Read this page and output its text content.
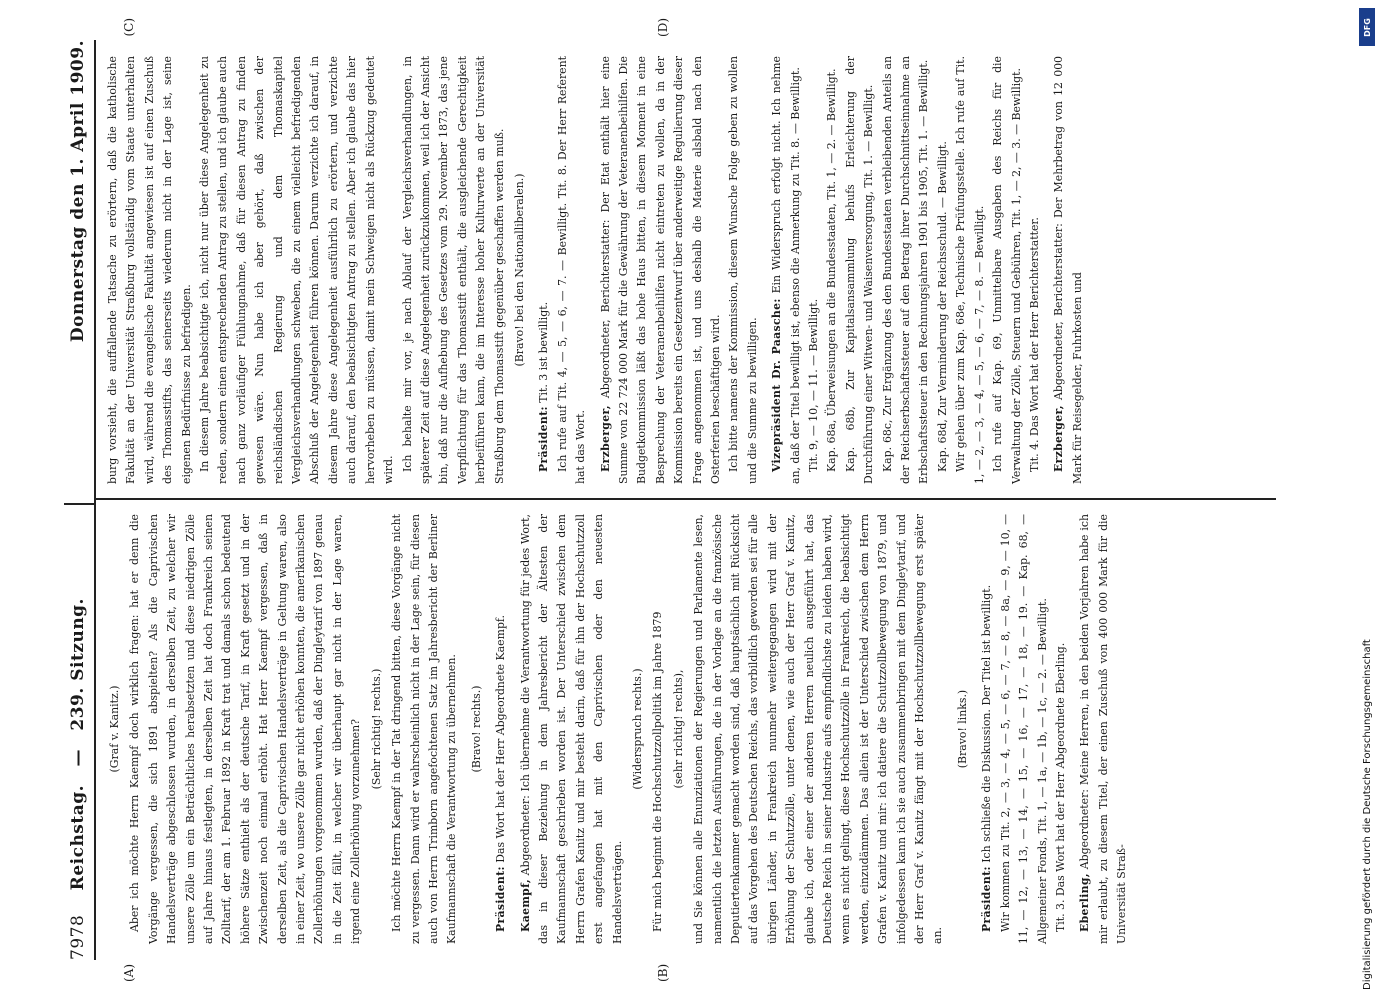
7978 Reichstag. — 239. Sitzung.
Donnerstag den 1. April 1909.
(A)	(B)
(C)	(D)

(Graf v. Kanitz.) Aber ich möchte Herrn Kaempf doch wirklich fragen: hat er denn die Vorgänge vergessen, die sich 1891 abspielten? Als die Caprivischen Handelsverträge abgeschlossen wurden, in derselben Zeit, zu welcher wir unsere Zölle um ein Beträchtliches herabsetzten und diese niedrigen Zölle auf Jahre hinaus festlegten, in derselben Zeit hat doch Frankreich seinen Zolltarif, der am 1. Februar 1892 in Kraft trat und damals schon bedeutend höhere Sätze enthielt als der deutsche Tarif, in Kraft gesetzt und in der Zwischenzeit noch einmal erhöht. Hat Herr Kaempf vergessen, daß in derselben Zeit, als die Caprivischen Handelsverträge in Geltung waren, also in einer Zeit, wo unsere Zölle gar nicht erhöhen konnten, die amerikanischen Zollerhöhungen vorgenommen wurden, daß der Dingleytarif von 1897 genau in die Zeit fällt, in welcher wir überhaupt gar nicht in der Lage waren, irgend eine Zollerhöhung vorzunehmen? (Sehr richtig! rechts.) Ich möchte Herrn Kaempf in der Tat dringend bitten, diese Vorgänge nicht zu vergessen. Dann wird er wahrscheinlich nicht in der Lage sein, für diesen auch von Herrn Trimborn angefochtenen Satz im Jahresbericht der Berliner Kaufmannschaft die Verantwortung zu übernehmen.	(Bravo! rechts.)

Präsident: Das Wort hat der Herr Abgeordnete Kaempf.

Kaempf, Abgeordneter: Ich übernehme die Verantwortung für jedes Wort, das in dieser Beziehung in dem Jahresbericht der Ältesten der Kaufmannschaft geschrieben worden ist. Der Unterschied zwischen dem Herrn Grafen Kanitz und mir besteht darin, daß für ihn der Hochschutzzoll erst angefangen hat mit den Caprivischen oder den neuesten Handelsverträgen.

(Widerspruch rechts.) Für mich beginnt die Hochschutzzollpolitik im Jahre 1879 (sehr richtig! rechts), und Sie können alle Enunziationen der Regierungen und Parlamente lesen, namentlich die letzten Ausführungen, die in der Vorlage an die französische Deputiertenkammer gemacht worden sind, daß hauptsächlich mit Rücksicht auf das Vorgehen des Deutschen Reichs, das vorbildlich geworden sei für alle übrigen Länder, in Frankreich nunmehr weitergegangen wird mit der Erhöhung der Schutzzölle, unter denen, wie auch der Herr Graf v. Kanitz, glaube ich, oder einer der anderen Herren neulich ausgeführt hat, das Deutsche Reich in seiner Industrie aufs empfindlichste zu leiden haben wird, wenn es nicht gelingt, diese Hochschutzzölle in Frankreich, die beabsichtigt werden, einzudämmen. Das allein ist der Unterschied zwischen dem Herrn Grafen v. Kanitz und mir: ich datiere die Schutzzollbewegung von 1879, und infolgedessen kann ich sie auch zusammenbringen mit dem Dingleytarif, und der Herr Graf v. Kanitz fängt mit der Hochschutzzollbewegung erst später an.

(Bravo! links.)

Präsident: Ich schließe die Diskussion. Der Titel ist bewilligt. Wir kommen zu Tit. 2, — 3, — 4, — 5, — 6, — 7, — 8, — 8a, — 9, — 10, — 11, — 12, — 13, — 14, — 15, — 16, — 17, — 18, — 19. — Kap. 68, — Allgemeiner Fonds, Tit. 1, — 1a, — 1b, — 1c, — 2. — Bewilligt. Tit. 3. Das Wort hat der Herr Abgeordnete Eberling.	Eberling, Abgeordneter: Meine Herren, in den beiden Vorjahren habe ich mir erlaubt, zu diesem Titel, der einen Zuschuß von 400 000 Mark für die Universität Straß-

burg vorsieht, die auffallende Tatsache zu erörtern, daß die katholische Fakultät an der Universität Straßburg vollständig vom Staate unterhalten wird, während die evangelische Fakultät angewiesen ist auf einen Zuschuß des Thomasstifts, das seinerseits wiederum nicht in der Lage ist, seine eigenen Bedürfnisse zu befriedigen. In diesem Jahre beabsichtigte ich, nicht nur über diese Angelegenheit zu reden, sondern einen entsprechenden Antrag zu stellen, und ich glaube auch nach ganz vorläufiger Fühlungnahme, daß für diesen Antrag zu finden gewesen wäre. Nun habe ich aber gehört, daß zwischen der reichsländischen Regierung und dem Thomaskapitel Vergleichsverhandlungen schweben, die zu einem vielleicht befriedigenden Abschluß der Angelegenheit führen können. Darum verzichte ich darauf, in diesem Jahre diese Angelegenheit ausführlich zu erörtern, und verzichte auch darauf, den beabsichtigten Antrag zu stellen. Aber ich glaube das hier hervorheben zu müssen, damit mein Schweigen nicht als Rückzug gedeutet wird. Ich behalte mir vor, je nach Ablauf der Vergleichsverhandlungen, in späterer Zeit auf diese Angelegenheit zurückzukommen, weil ich der Ansicht bin, daß nur die Aufhebung des Gesetzes vom 29. November 1873, das jene Verpflichtung für das Thomasstift enthält, die ausgleichende Gerechtigkeit herbeiführen kann, die im Interesse hoher Kulturwerte an der Universität Straßburg dem Thomasstift gegenüber geschaffen werden muß. (Bravo! bei den Nationalliberalen.)

Präsident: Tit. 3 ist bewilligt. Ich rufe auf Tit. 4, — 5, — 6, — 7. — Bewilligt. Tit. 8. Der Herr Referent hat das Wort.	Erzberger, Abgeordneter, Berichterstatter: Der Etat enthält hier eine Summe von 22 724 000 Mark für die Gewährung der Veteranenbeihilfen. Die Budgetkommission läßt das hohe Haus bitten, in diesem Moment in eine Besprechung der Veteranenbeihilfen nicht eintreten zu wollen, da in der Kommission bereits ein Gesetzentwurf über anderweitige Regulierung dieser Frage angenommen ist, und uns deshalb die Materie alsbald nach den Osterferien beschäftigen wird. Ich bitte namens der Kommission, diesem Wunsche Folge geben zu wollen und die Summe zu bewilligen.	Vizepräsident Dr. Paasche: Ein Widerspruch erfolgt nicht. Ich nehme an, daß der Titel bewilligt ist, ebenso die Anmerkung zu Tit. 8. — Bewilligt. Tit. 9, — 10, — 11. — Bewilligt. Kap. 68a, Überweisungen an die Bundesstaaten, Tit. 1, — 2. — Bewilligt. Kap. 68b, Zur Kapitalsansammlung behufs Erleichterung der Durchführung einer Witwen- und Waisenversorgung, Tit. 1. — Bewilligt. Kap. 68c, Zur Ergänzung des den Bundesstaaten verbleibenden Anteils an der Reichserbschaftssteuer auf den Betrag ihrer Durchschnittseinnahme an Erbschaftssteuer in den Rechnungsjahren 1901 bis 1905, Tit. 1. — Bewilligt. Kap. 68d, Zur Verminderung der Reichsschuld. — Bewilligt. Wir gehen über zum Kap. 68e, Technische Prüfungsstelle. Ich rufe auf Tit. 1, — 2, — 3, — 4, — 5, — 6, — 7, — 8. — Bewilligt. Ich rufe auf Kap. 69, Unmittelbare Ausgaben des Reichs für die Verwaltung der Zölle, Steuern und Gebühren, Tit. 1, — 2, — 3. — Bewilligt. Tit. 4. Das Wort hat der Herr Berichterstatter.	Erzberger, Abgeordneter, Berichterstatter: Der Mehrbetrag von 12 000 Mark für Reisegelder, Fuhrkosten und

Digitalisierung gefördert durch die Deutsche Forschungsgemeinschaft
DFG
